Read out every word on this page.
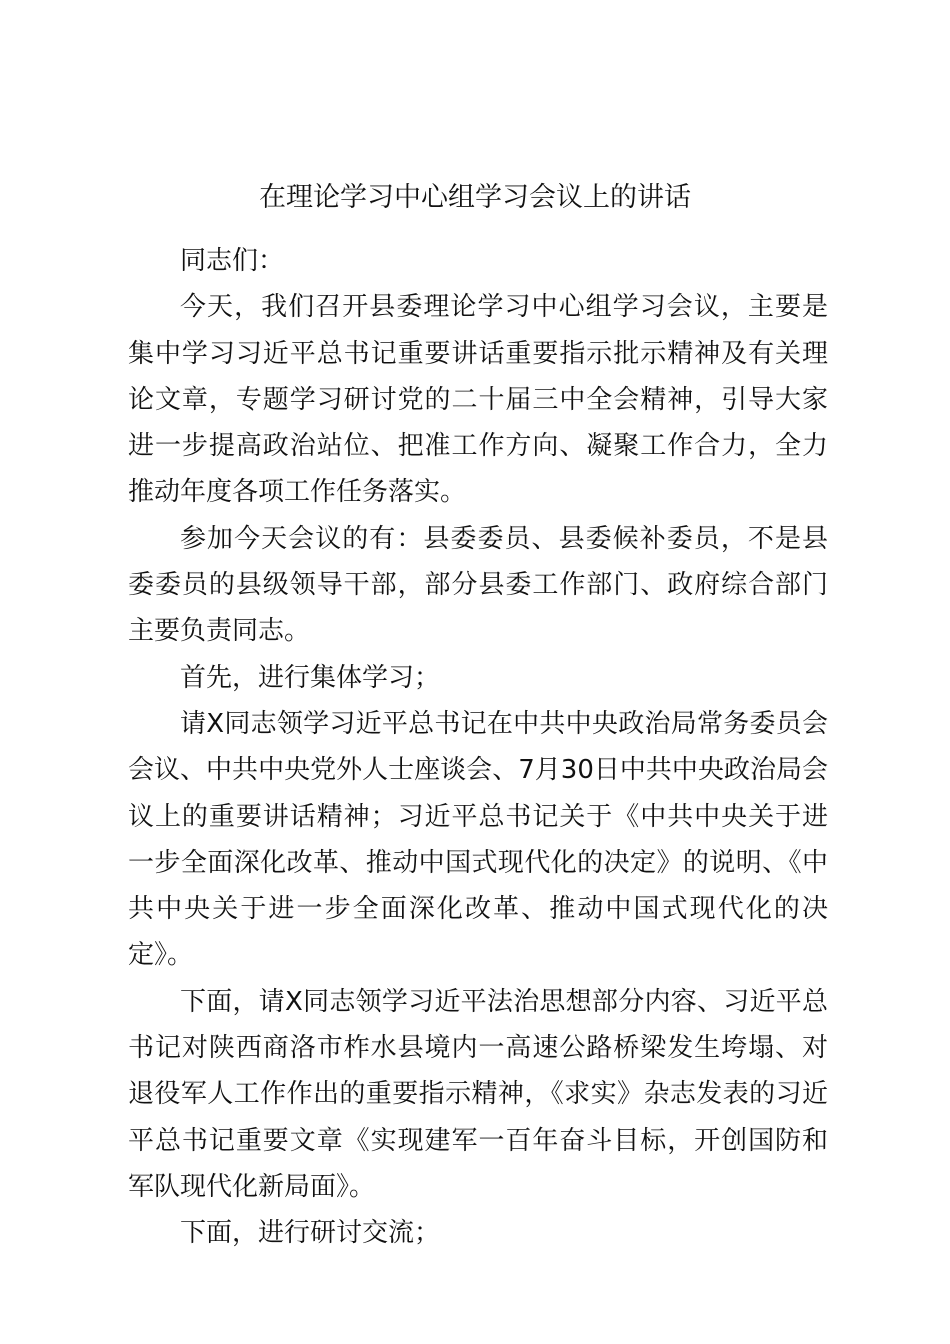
在理论学习中心组学习会议上的讲话

同志们：

今天，我们召开县委理论学习中心组学习会议，主要是集中学习习近平总书记重要讲话重要指示批示精神及有关理论文章，专题学习研讨党的二十届三中全会精神，引导大家进一步提高政治站位、把准工作方向、凝聚工作合力，全力推动年度各项工作任务落实。

参加今天会议的有：县委委员、县委候补委员，不是县委委员的县级领导干部，部分县委工作部门、政府综合部门主要负责同志。

首先，进行集体学习；

请X同志领学习近平总书记在中共中央政治局常务委员会会议、中共中央党外人士座谈会、7月30日中共中央政治局会议上的重要讲话精神；习近平总书记关于《中共中央关于进一步全面深化改革、推动中国式现代化的决定》的说明、《中共中央关于进一步全面深化改革、推动中国式现代化的决定》。

下面，请X同志领学习近平法治思想部分内容、习近平总书记对陕西商洛市柞水县境内一高速公路桥梁发生垮塌、对退役军人工作作出的重要指示精神，《求实》杂志发表的习近平总书记重要文章《实现建军一百年奋斗目标，开创国防和军队现代化新局面》。

下面，进行研讨交流；
